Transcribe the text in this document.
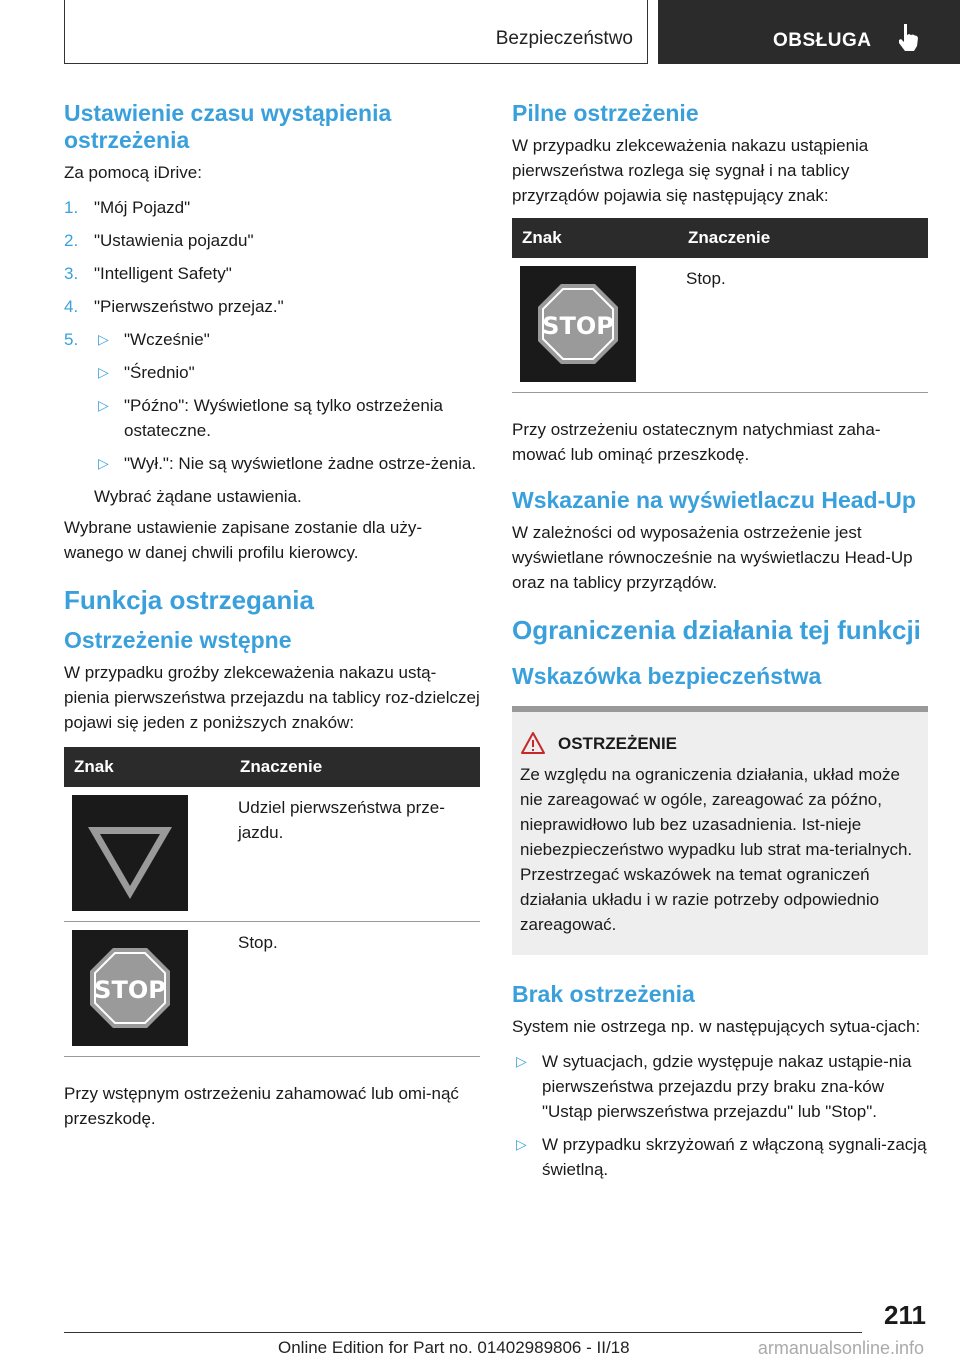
Bezpieczeństwo	OBSŁUGA
Ustawienie czasu wystąpienia ostrzeżenia

Za pomocą iDrive:

1. "Mój Pojazd"
2. "Ustawienia pojazdu"
3. "Intelligent Safety"
4. "Pierwszeństwo przejaz."
5. ▷ "Wcześnie"
▷ "Średnio"
▷ "Późno": Wyświetlone są tylko ostrzeżenia ostateczne.
▷ "Wył.": Nie są wyświetlone żadne ostrze-żenia.

Wybrać żądane ustawienia.

Wybrane ustawienie zapisane zostanie dla uży-wanego w danej chwili profilu kierowcy.

Funkcja ostrzegania
Ostrzeżenie wstępne

W przypadku groźby zlekceważenia nakazu ustą-pienia pierwszeństwa przejazdu na tablicy roz-dzielczej pojawi się jeden z poniższych znaków:

Znak	Znaczenie

	Udziel pierwszeństwa prze-jazdu.

STOP	Stop.

Przy wstępnym ostrzeżeniu zahamować lub omi-nąć przeszkodę.

Pilne ostrzeżenie

W przypadku zlekceważenia nakazu ustąpienia pierwszeństwa rozlega się sygnał i na tablicy przyrządów pojawia się następujący znak:

Znak	Znaczenie

STOP	Stop.

Przy ostrzeżeniu ostatecznym natychmiast zaha-mować lub ominąć przeszkodę.

Wskazanie na wyświetlaczu Head-Up

W zależności od wyposażenia ostrzeżenie jest wyświetlane równocześnie na wyświetlaczu Head-Up oraz na tablicy przyrządów.

Ograniczenia działania tej funkcji
Wskazówka bezpieczeństwa
OSTRZEŻENIE

Ze względu na ograniczenia działania, układ może nie zareagować w ogóle, zareagować za późno, nieprawidłowo lub bez uzasadnienia. Ist-nieje niebezpieczeństwo wypadku lub strat ma-terialnych. Przestrzegać wskazówek na temat ograniczeń działania układu i w razie potrzeby odpowiednio zareagować.

Brak ostrzeżenia

System nie ostrzega np. w następujących sytua-cjach:

▷ W sytuacjach, gdzie występuje nakaz ustąpie-nia pierwszeństwa przejazdu przy braku zna-ków "Ustąp pierwszeństwa przejazdu" lub "Stop".
▷ W przypadku skrzyżowań z włączoną sygnali-zacją świetlną.
211
Online Edition for Part no. 01402989806 - II/18	armanualsonline.info
